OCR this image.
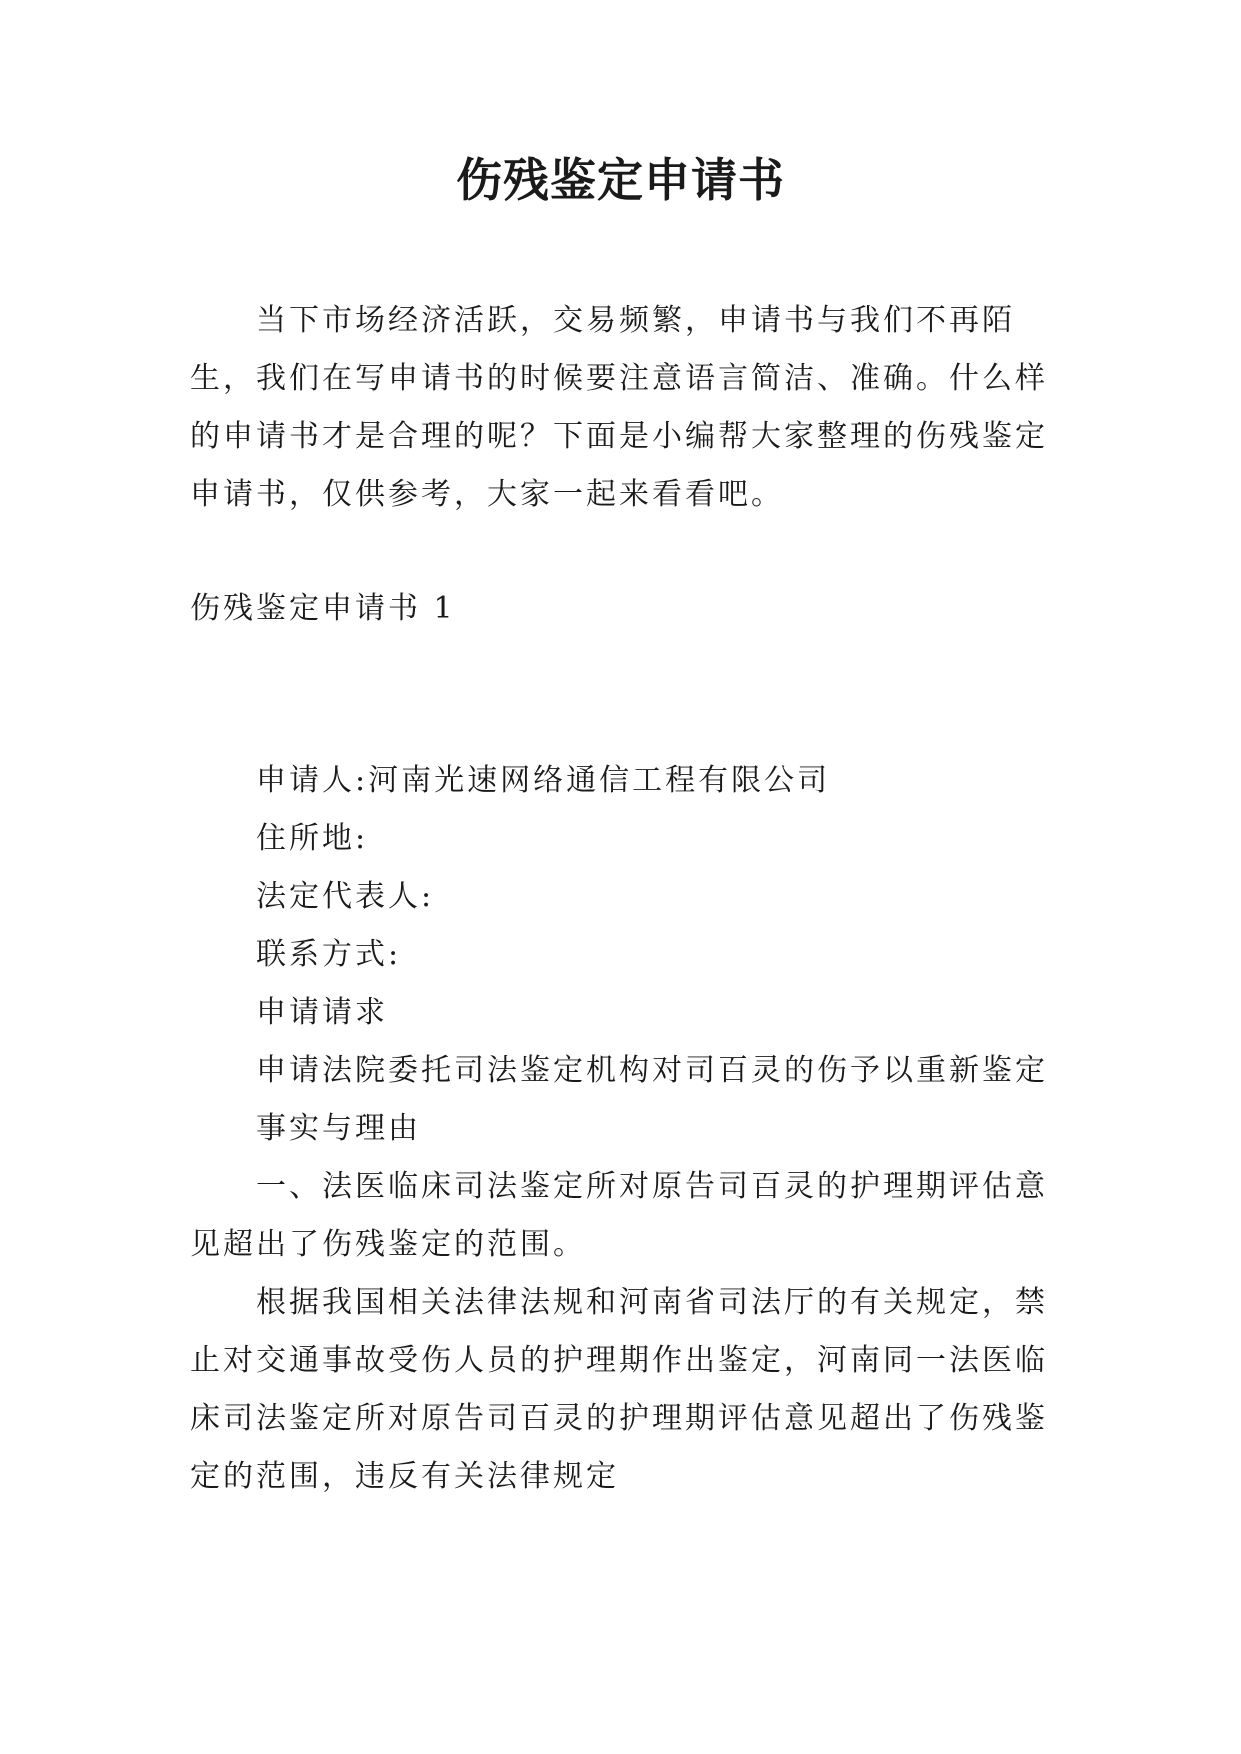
伤残鉴定申请书

当下市场经济活跃，交易频繁，申请书与我们不再陌生，我们在写申请书的时候要注意语言简洁、准确。什么样的申请书才是合理的呢？下面是小编帮大家整理的伤残鉴定申请书，仅供参考，大家一起来看看吧。

伤残鉴定申请书 1

申请人:河南光速网络通信工程有限公司

住所地:

法定代表人:

联系方式:

申请请求

申请法院委托司法鉴定机构对司百灵的伤予以重新鉴定

事实与理由

一、法医临床司法鉴定所对原告司百灵的护理期评估意见超出了伤残鉴定的范围。

根据我国相关法律法规和河南省司法厅的有关规定，禁止对交通事故受伤人员的护理期作出鉴定，河南同一法医临床司法鉴定所对原告司百灵的护理期评估意见超出了伤残鉴定的范围，违反有关法律规定
